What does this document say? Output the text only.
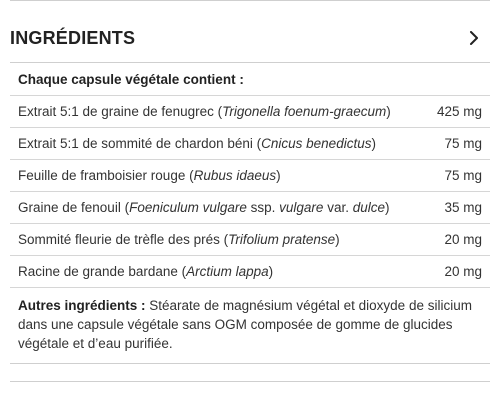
INGRÉDIENTS
Chaque capsule végétale contient :
Extrait 5:1 de graine de fenugrec (Trigonella foenum-graecum)	425 mg
Extrait 5:1 de sommité de chardon béni (Cnicus benedictus)	75 mg
Feuille de framboisier rouge (Rubus idaeus)	75 mg
Graine de fenouil (Foeniculum vulgare ssp. vulgare var. dulce)	35 mg
Sommité fleurie de trèfle des prés (Trifolium pratense)	20 mg
Racine de grande bardane (Arctium lappa)	20 mg
Autres ingrédients : Stéarate de magnésium végétal et dioxyde de silicium dans une capsule végétale sans OGM composée de gomme de glucides végétale et d’eau purifiée.
